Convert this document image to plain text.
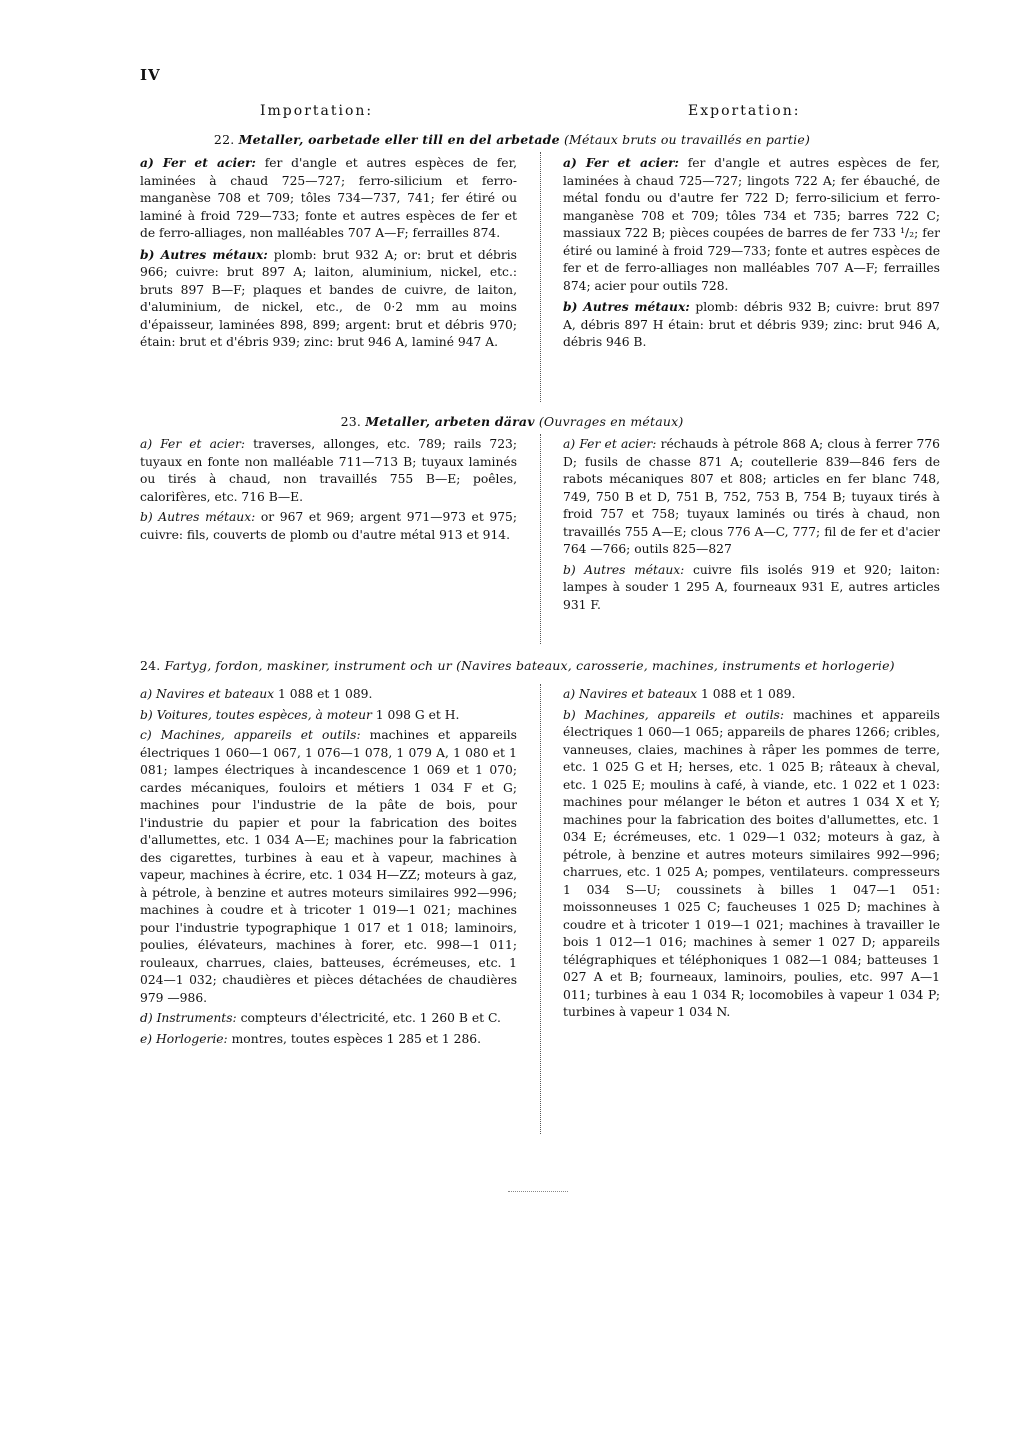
IV
Importation:	Exportation:
22. Metaller, oarbetade eller till en del arbetade (Métaux bruts ou travaillés en partie)

a) Fer et acier: fer d'angle et autres espèces de fer, laminées à chaud 725—727; ferro-silicium et ferro-manganèse 708 et 709; tôles 734—737, 741; fer étiré ou laminé à froid 729—733; fonte et autres espèces de fer et de ferro-alliages, non malléables 707 A—F; ferrailles 874.

b) Autres métaux: plomb: brut 932 A; or: brut et débris 966; cuivre: brut 897 A; laiton, aluminium, nickel, etc.: bruts 897 B—F; plaques et bandes de cuivre, de laiton, d'aluminium, de nickel, etc., de 0·2 mm au moins d'épaisseur, laminées 898, 899; argent: brut et débris 970; étain: brut et d'ébris 939; zinc: brut 946 A, laminé 947 A.

a) Fer et acier: fer d'angle et autres espèces de fer, laminées à chaud 725—727; lingots 722 A; fer ébauché, de métal fondu ou d'autre fer 722 D; ferro-silicium et ferro-manganèse 708 et 709; tôles 734 et 735; barres 722 C; massiaux 722 B; pièces coupées de barres de fer 733 ¹/₂; fer étiré ou laminé à froid 729—733; fonte et autres espèces de fer et de ferro-alliages non malléables 707 A—F; ferrailles 874; acier pour outils 728.

b) Autres métaux: plomb: débris 932 B; cuivre: brut 897 A, débris 897 H étain: brut et débris 939; zinc: brut 946 A, débris 946 B.

23. Metaller, arbeten därav (Ouvrages en métaux)

a) Fer et acier: traverses, allonges, etc. 789; rails 723; tuyaux en fonte non malléable 711—713 B; tuyaux laminés ou tirés à chaud, non travaillés 755 B—E; poêles, calorifères, etc. 716 B—E.

b) Autres métaux: or 967 et 969; argent 971—973 et 975; cuivre: fils, couverts de plomb ou d'autre métal 913 et 914.

a) Fer et acier: réchauds à pétrole 868 A; clous à ferrer 776 D; fusils de chasse 871 A; coutellerie 839—846 fers de rabots mécaniques 807 et 808; articles en fer blanc 748, 749, 750 B et D, 751 B, 752, 753 B, 754 B; tuyaux tirés à froid 757 et 758; tuyaux laminés ou tirés à chaud, non travaillés 755 A—E; clous 776 A—C, 777; fil de fer et d'acier 764 —766; outils 825—827

b) Autres métaux: cuivre fils isolés 919 et 920; laiton: lampes à souder 1 295 A, fourneaux 931 E, autres articles 931 F.

24. Fartyg, fordon, maskiner, instrument och ur (Navires bateaux, carosserie, machines, instruments et horlogerie)

a) Navires et bateaux 1 088 et 1 089.

b) Voitures, toutes espèces, à moteur 1 098 G et H.

c) Machines, appareils et outils: machines et appareils électriques 1 060—1 067, 1 076—1 078, 1 079 A, 1 080 et 1 081; lampes électriques à incandescence 1 069 et 1 070; cardes mécaniques, fouloirs et métiers 1 034 F et G; machines pour l'industrie de la pâte de bois, pour l'industrie du papier et pour la fabrication des boites d'allumettes, etc. 1 034 A—E; machines pour la fabrication des cigarettes, turbines à eau et à vapeur, machines à vapeur, machines à écrire, etc. 1 034 H—ZZ; moteurs à gaz, à pétrole, à benzine et autres moteurs similaires 992—996; machines à coudre et à tricoter 1 019—1 021; machines pour l'industrie typographique 1 017 et 1 018; laminoirs, poulies, élévateurs, machines à forer, etc. 998—1 011; rouleaux, charrues, claies, batteuses, écrémeuses, etc. 1 024—1 032; chaudières et pièces détachées de chaudières 979 —986.

d) Instruments: compteurs d'électricité, etc. 1 260 B et C.

e) Horlogerie: montres, toutes espèces 1 285 et 1 286.

a) Navires et bateaux 1 088 et 1 089.

b) Machines, appareils et outils: machines et appareils électriques 1 060—1 065; appareils de phares 1266; cribles, vanneuses, claies, machines à râper les pommes de terre, etc. 1 025 G et H; herses, etc. 1 025 B; râteaux à cheval, etc. 1 025 E; moulins à café, à viande, etc. 1 022 et 1 023: machines pour mélanger le béton et autres 1 034 X et Y; machines pour la fabrication des boites d'allumettes, etc. 1 034 E; écrémeuses, etc. 1 029—1 032; moteurs à gaz, à pétrole, à benzine et autres moteurs similaires 992—996; charrues, etc. 1 025 A; pompes, ventilateurs. compresseurs 1 034 S—U; coussinets à billes 1 047—1 051: moissonneuses 1 025 C; faucheuses 1 025 D; machines à coudre et à tricoter 1 019—1 021; machines à travailler le bois 1 012—1 016; machines à semer 1 027 D; appareils télégraphiques et téléphoniques 1 082—1 084; batteuses 1 027 A et B; fourneaux, laminoirs, poulies, etc. 997 A—1 011; turbines à eau 1 034 R; locomobiles à vapeur 1 034 P; turbines à vapeur 1 034 N.
